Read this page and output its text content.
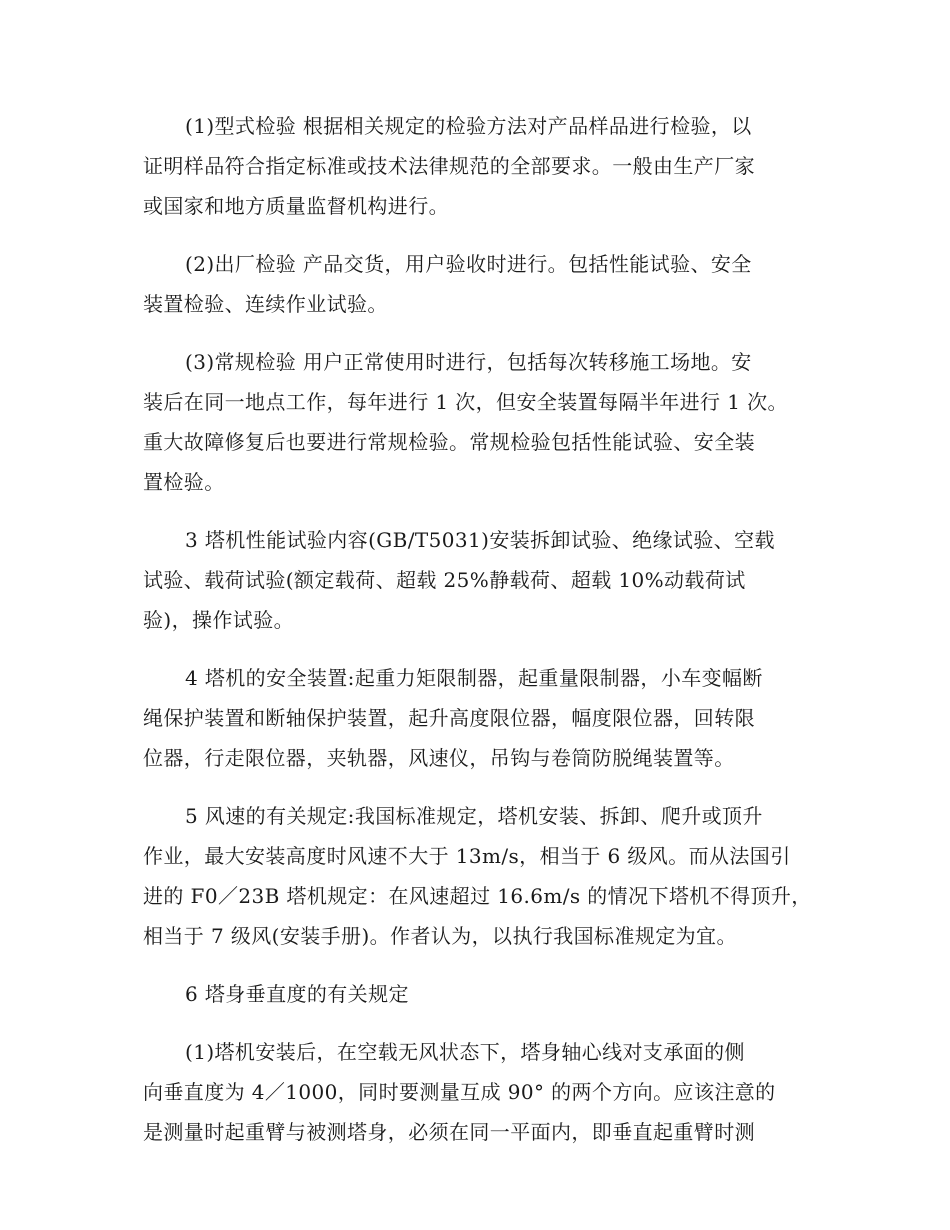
(1)型式检验 根据相关规定的检验方法对产品样品进行检验，以
证明样品符合指定标准或技术法律规范的全部要求。一般由生产厂家
或国家和地方质量监督机构进行。

(2)出厂检验 产品交货，用户验收时进行。包括性能试验、安全
装置检验、连续作业试验。

(3)常规检验 用户正常使用时进行，包括每次转移施工场地。安
装后在同一地点工作，每年进行 1 次，但安全装置每隔半年进行 1 次。
重大故障修复后也要进行常规检验。常规检验包括性能试验、安全装
置检验。

3 塔机性能试验内容(GB/T5031)安装拆卸试验、绝缘试验、空载
试验、载荷试验(额定载荷、超载 25%静载荷、超载 10%动载荷试
验)，操作试验。

4 塔机的安全装置:起重力矩限制器，起重量限制器，小车变幅断
绳保护装置和断轴保护装置，起升高度限位器，幅度限位器，回转限
位器，行走限位器，夹轨器，风速仪，吊钩与卷筒防脱绳装置等。

5 风速的有关规定:我国标准规定，塔机安装、拆卸、爬升或顶升
作业，最大安装高度时风速不大于 13m/s，相当于 6 级风。而从法国引
进的 F0／23B 塔机规定：在风速超过 16.6m/s 的情况下塔机不得顶升，
相当于 7 级风(安装手册)。作者认为，以执行我国标准规定为宜。

6 塔身垂直度的有关规定

(1)塔机安装后，在空载无风状态下，塔身轴心线对支承面的侧
向垂直度为 4／1000，同时要测量互成 90° 的两个方向。应该注意的
是测量时起重臂与被测塔身，必须在同一平面内，即垂直起重臂时测
